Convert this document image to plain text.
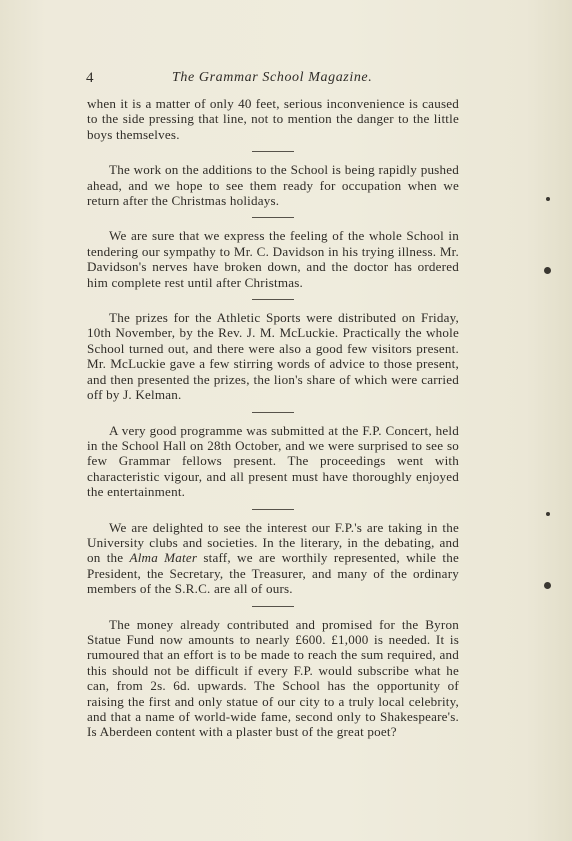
4	The Grammar School Magazine.

when it is a matter of only 40 feet, serious inconvenience is caused to the side pressing that line, not to mention the danger to the little boys themselves.

The work on the additions to the School is being rapidly pushed ahead, and we hope to see them ready for occupation when we return after the Christmas holidays.

We are sure that we express the feeling of the whole School in tendering our sympathy to Mr. C. Davidson in his trying illness. Mr. Davidson's nerves have broken down, and the doctor has ordered him complete rest until after Christmas.

The prizes for the Athletic Sports were distributed on Friday, 10th November, by the Rev. J. M. McLuckie. Practically the whole School turned out, and there were also a good few visitors present. Mr. McLuckie gave a few stirring words of advice to those present, and then presented the prizes, the lion's share of which were carried off by J. Kelman.

A very good programme was submitted at the F.P. Concert, held in the School Hall on 28th October, and we were surprised to see so few Grammar fellows present. The proceedings went with characteristic vigour, and all present must have thoroughly enjoyed the entertainment.

We are delighted to see the interest our F.P.'s are taking in the University clubs and societies. In the literary, in the debating, and on the Alma Mater staff, we are worthily represented, while the President, the Secretary, the Treasurer, and many of the ordinary members of the S.R.C. are all of ours.

The money already contributed and promised for the Byron Statue Fund now amounts to nearly £600. £1,000 is needed. It is rumoured that an effort is to be made to reach the sum required, and this should not be difficult if every F.P. would subscribe what he can, from 2s. 6d. upwards. The School has the opportunity of raising the first and only statue of our city to a truly local celebrity, and that a name of world-wide fame, second only to Shakespeare's. Is Aberdeen content with a plaster bust of the great poet?
